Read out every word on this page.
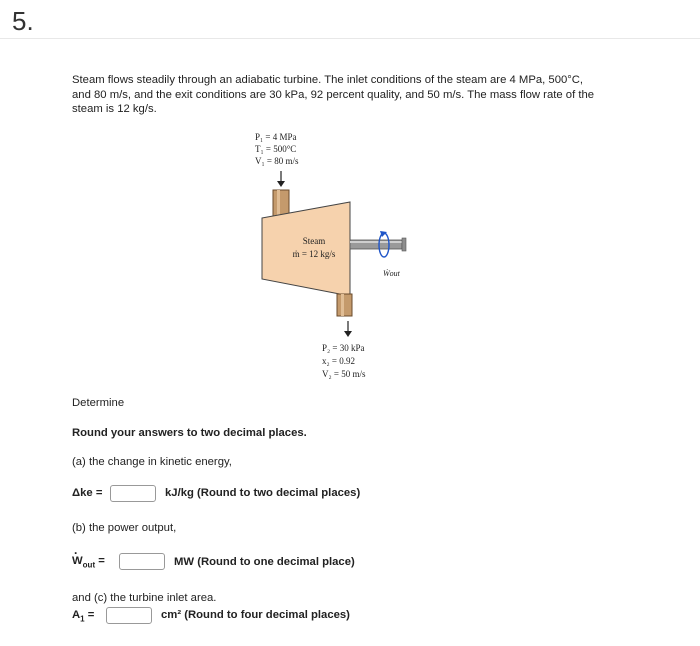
5.
Steam flows steadily through an adiabatic turbine. The inlet conditions of the steam are 4 MPa, 500°C, and 80 m/s, and the exit conditions are 30 kPa, 92 percent quality, and 50 m/s. The mass flow rate of the steam is 12 kg/s.
P₁ = 4 MPa
T₁ = 500°C
V₁ = 80 m/s
Steam
ṁ = 12 kg/s
Ẇout
P₂ = 30 kPa
x₂ = 0.92
V₂ = 50 m/s
Determine
Round your answers to two decimal places.
(a) the change in kinetic energy,
Δke =	kJ/kg (Round to two decimal places)
(b) the power output,
· $W_{out}$ =	MW (Round to one decimal place)
and (c) the turbine inlet area.
$A_1$ =	cm² (Round to four decimal places)
